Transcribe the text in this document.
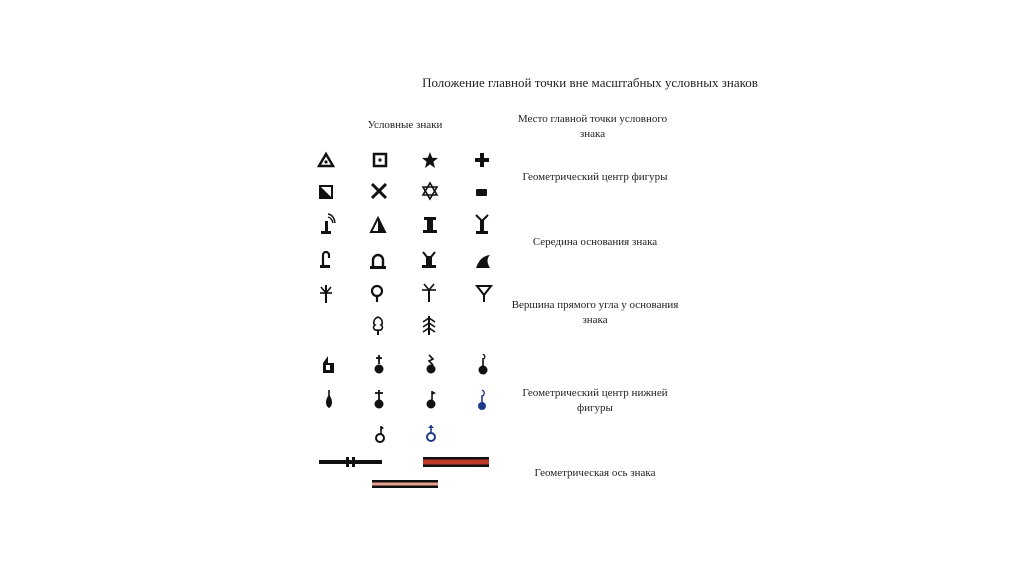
Положение главной точки вне масштабных условных знаков
Условные знаки	Место главной точки условного знака
Геометрический центр фигуры
Середина основания знака
Вершина прямого угла у основания знака
Геометрический центр нижней фигуры
Геометрическая ось знака
